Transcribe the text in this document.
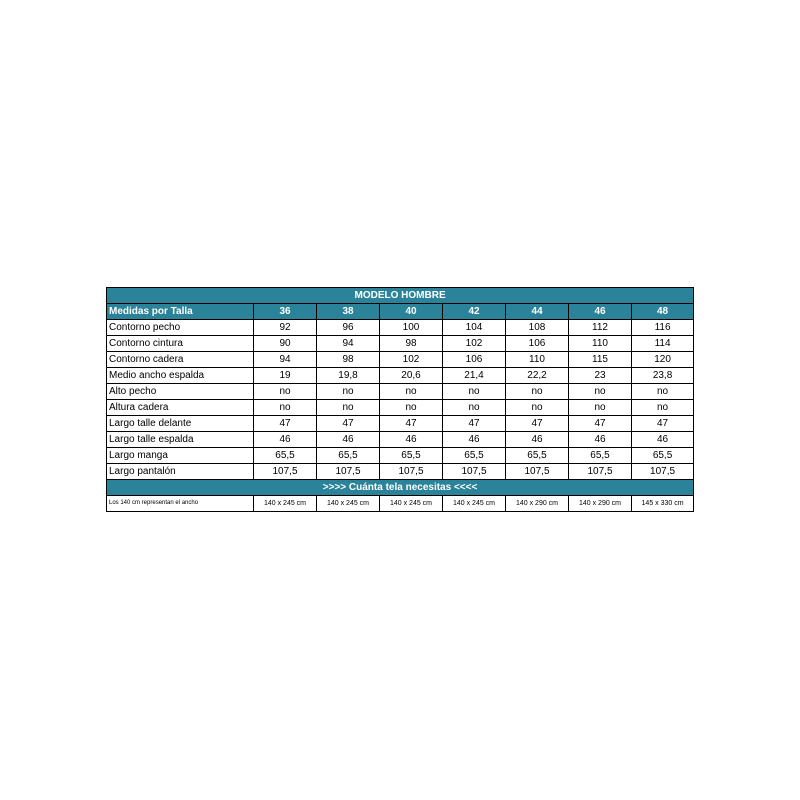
MODELO HOMBRE							
Medidas por Talla	36	38	40	42	44	46	48
Contorno pecho	92	96	100	104	108	112	116
Contorno cintura	90	94	98	102	106	110	114
Contorno cadera	94	98	102	106	110	115	120
Medio ancho espalda	19	19,8	20,6	21,4	22,2	23	23,8
Alto pecho	no	no	no	no	no	no	no
Altura cadera	no	no	no	no	no	no	no
Largo talle delante	47	47	47	47	47	47	47
Largo talle espalda	46	46	46	46	46	46	46
Largo manga	65,5	65,5	65,5	65,5	65,5	65,5	65,5
Largo pantalón	107,5	107,5	107,5	107,5	107,5	107,5	107,5
>>>> Cuánta tela necesitas <<<<							
Los 140 cm representan el ancho	140 x 245 cm	140 x 245 cm	140 x 245 cm	140 x 245 cm	140 x 290 cm	140 x 290 cm	145 x 330 cm
